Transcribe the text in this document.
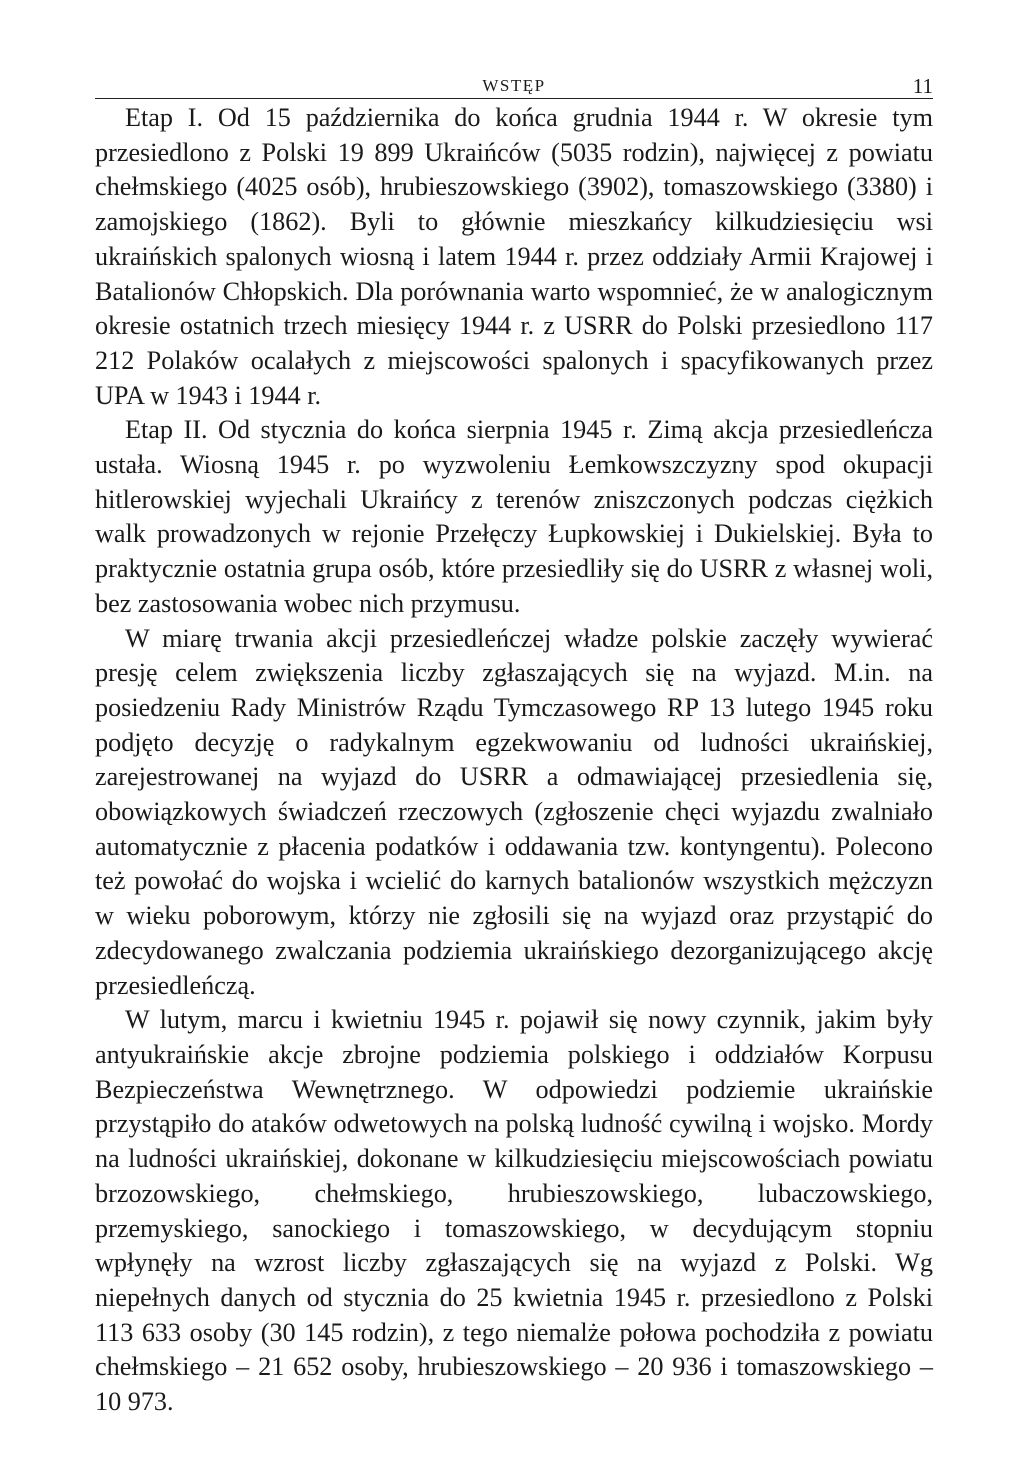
WSTĘP	11

Etap I. Od 15 października do końca grudnia 1944 r. W okresie tym przesiedlono z Polski 19 899 Ukraińców (5035 rodzin), najwięcej z powiatu chełmskiego (4025 osób), hrubieszowskiego (3902), tomaszowskiego (3380) i zamojskiego (1862). Byli to głównie mieszkańcy kilkudziesięciu wsi ukraińskich spalonych wiosną i latem 1944 r. przez oddziały Armii Krajowej i Batalionów Chłopskich. Dla porównania warto wspomnieć, że w analogicznym okresie ostatnich trzech miesięcy 1944 r. z USRR do Polski przesiedlono 117 212 Polaków ocalałych z miejscowości spalonych i spacyfikowanych przez UPA w 1943 i 1944 r.

Etap II. Od stycznia do końca sierpnia 1945 r. Zimą akcja przesiedleńcza ustała. Wiosną 1945 r. po wyzwoleniu Łemkowszczyzny spod okupacji hitlerowskiej wyjechali Ukraińcy z terenów zniszczonych podczas ciężkich walk prowadzonych w rejonie Przełęczy Łupkowskiej i Dukielskiej. Była to praktycznie ostatnia grupa osób, które przesiedliły się do USRR z własnej woli, bez zastosowania wobec nich przymusu.

W miarę trwania akcji przesiedleńczej władze polskie zaczęły wywierać presję celem zwiększenia liczby zgłaszających się na wyjazd. M.in. na posiedzeniu Rady Ministrów Rządu Tymczasowego RP 13 lutego 1945 roku podjęto decyzję o radykalnym egzekwowaniu od ludności ukraińskiej, zarejestrowanej na wyjazd do USRR a odmawiającej przesiedlenia się, obowiązkowych świadczeń rzeczowych (zgłoszenie chęci wyjazdu zwalniało automatycznie z płacenia podatków i oddawania tzw. kontyngentu). Polecono też powołać do wojska i wcielić do karnych batalionów wszystkich mężczyzn w wieku poborowym, którzy nie zgłosili się na wyjazd oraz przystąpić do zdecydowanego zwalczania podziemia ukraińskiego dezorganizującego akcję przesiedleńczą.

W lutym, marcu i kwietniu 1945 r. pojawił się nowy czynnik, jakim były antyukraińskie akcje zbrojne podziemia polskiego i oddziałów Korpusu Bezpieczeństwa Wewnętrznego. W odpowiedzi podziemie ukraińskie przystąpiło do ataków odwetowych na polską ludność cywilną i wojsko. Mordy na ludności ukraińskiej, dokonane w kilkudziesięciu miejscowościach powiatu brzozowskiego, chełmskiego, hrubieszowskiego, lubaczowskiego, przemyskiego, sanockiego i tomaszowskiego, w decydującym stopniu wpłynęły na wzrost liczby zgłaszających się na wyjazd z Polski. Wg niepełnych danych od stycznia do 25 kwietnia 1945 r. przesiedlono z Polski 113 633 osoby (30 145 rodzin), z tego niemalże połowa pochodziła z powiatu chełmskiego – 21 652 osoby, hrubieszowskiego – 20 936 i tomaszowskiego – 10 973.
